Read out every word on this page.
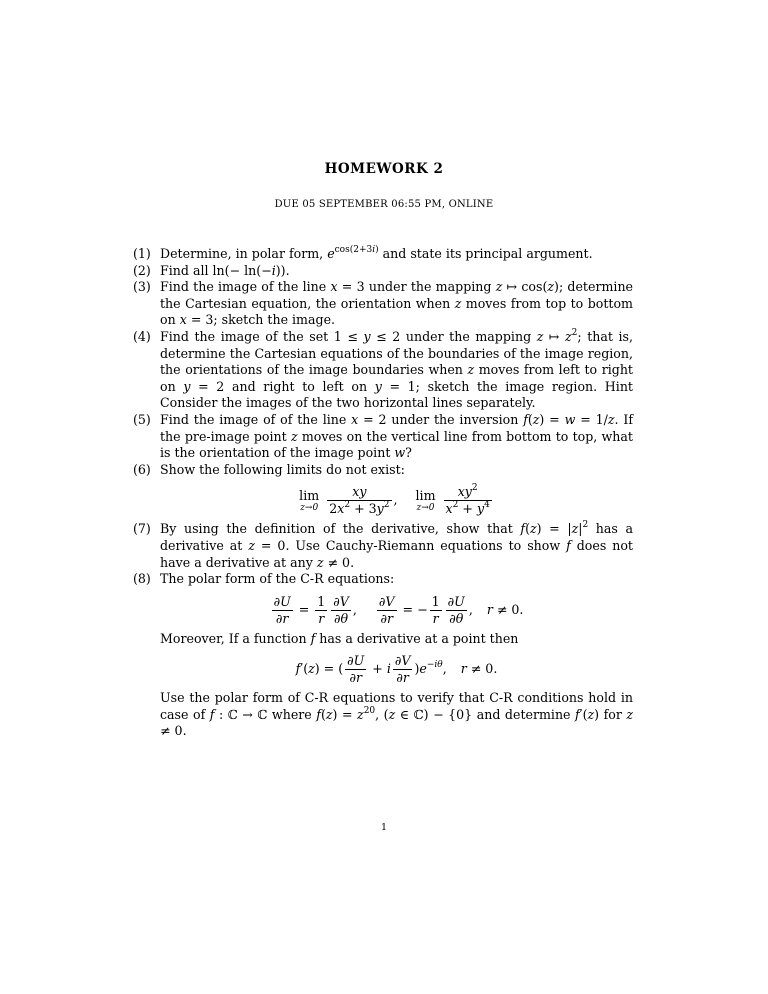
HOMEWORK 2
DUE 05 SEPTEMBER 06:55 PM, ONLINE
(1) Determine, in polar form, $e^{cos(2+3i)}$ and state its principal argument.
(2) Find all ln(− ln(−i)).
(3) Find the image of the line x = 3 under the mapping z ↦ cos(z); determine the Cartesian equation, the orientation when z moves from top to bottom on x = 3; sketch the image.
(4) Find the image of the set 1 ≤ y ≤ 2 under the mapping z ↦ $z^2$; that is, determine the Cartesian equations of the boundaries of the image region, the orientations of the image boundaries when z moves from left to right on y = 2 and right to left on y = 1; sketch the image region. Hint Consider the images of the two horizontal lines separately.
(5) Find the image of of the line x = 2 under the inversion f(z) = w = 1/z. If the pre-image point z moves on the vertical line from bottom to top, what is the orientation of the image point w?
(6) Show the following limits do not exist:
lim
z→0
$\frac{xy}{2x^2 + 3y^2}$ , lim
z→0
$\frac{xy^2}{x^2 + y^4}$
(7) By using the definition of the derivative, show that $f(z) = |z|^2$ has a derivative at z = 0. Use Cauchy-Riemann equations to show f does not have a derivative at any z ≠ 0.
(8) The polar form of the C-R equations:
$\frac{\partial U}{\partial r} = \frac{1}{r} \frac{\partial V}{\partial\theta}$ , $\frac{\partial V}{\partial r}$ = − $\frac{1}{r} \frac{\partial U}{\partial\theta}$ , r ≠ 0.
Moreover, If a function f has a derivative at a point then
f′(z) = ( $\frac{\partial U}{\partial r} + i \frac{\partial V}{\partial r} )e^{-i\theta}$, r ≠ 0.
Use the polar form of C-R equations to verify that C-R conditions hold in case of f : ℂ → ℂ where $f(z) = z^{20}$, (z ∈ ℂ) − {0} and determine f′(z) for z ≠ 0.
1
